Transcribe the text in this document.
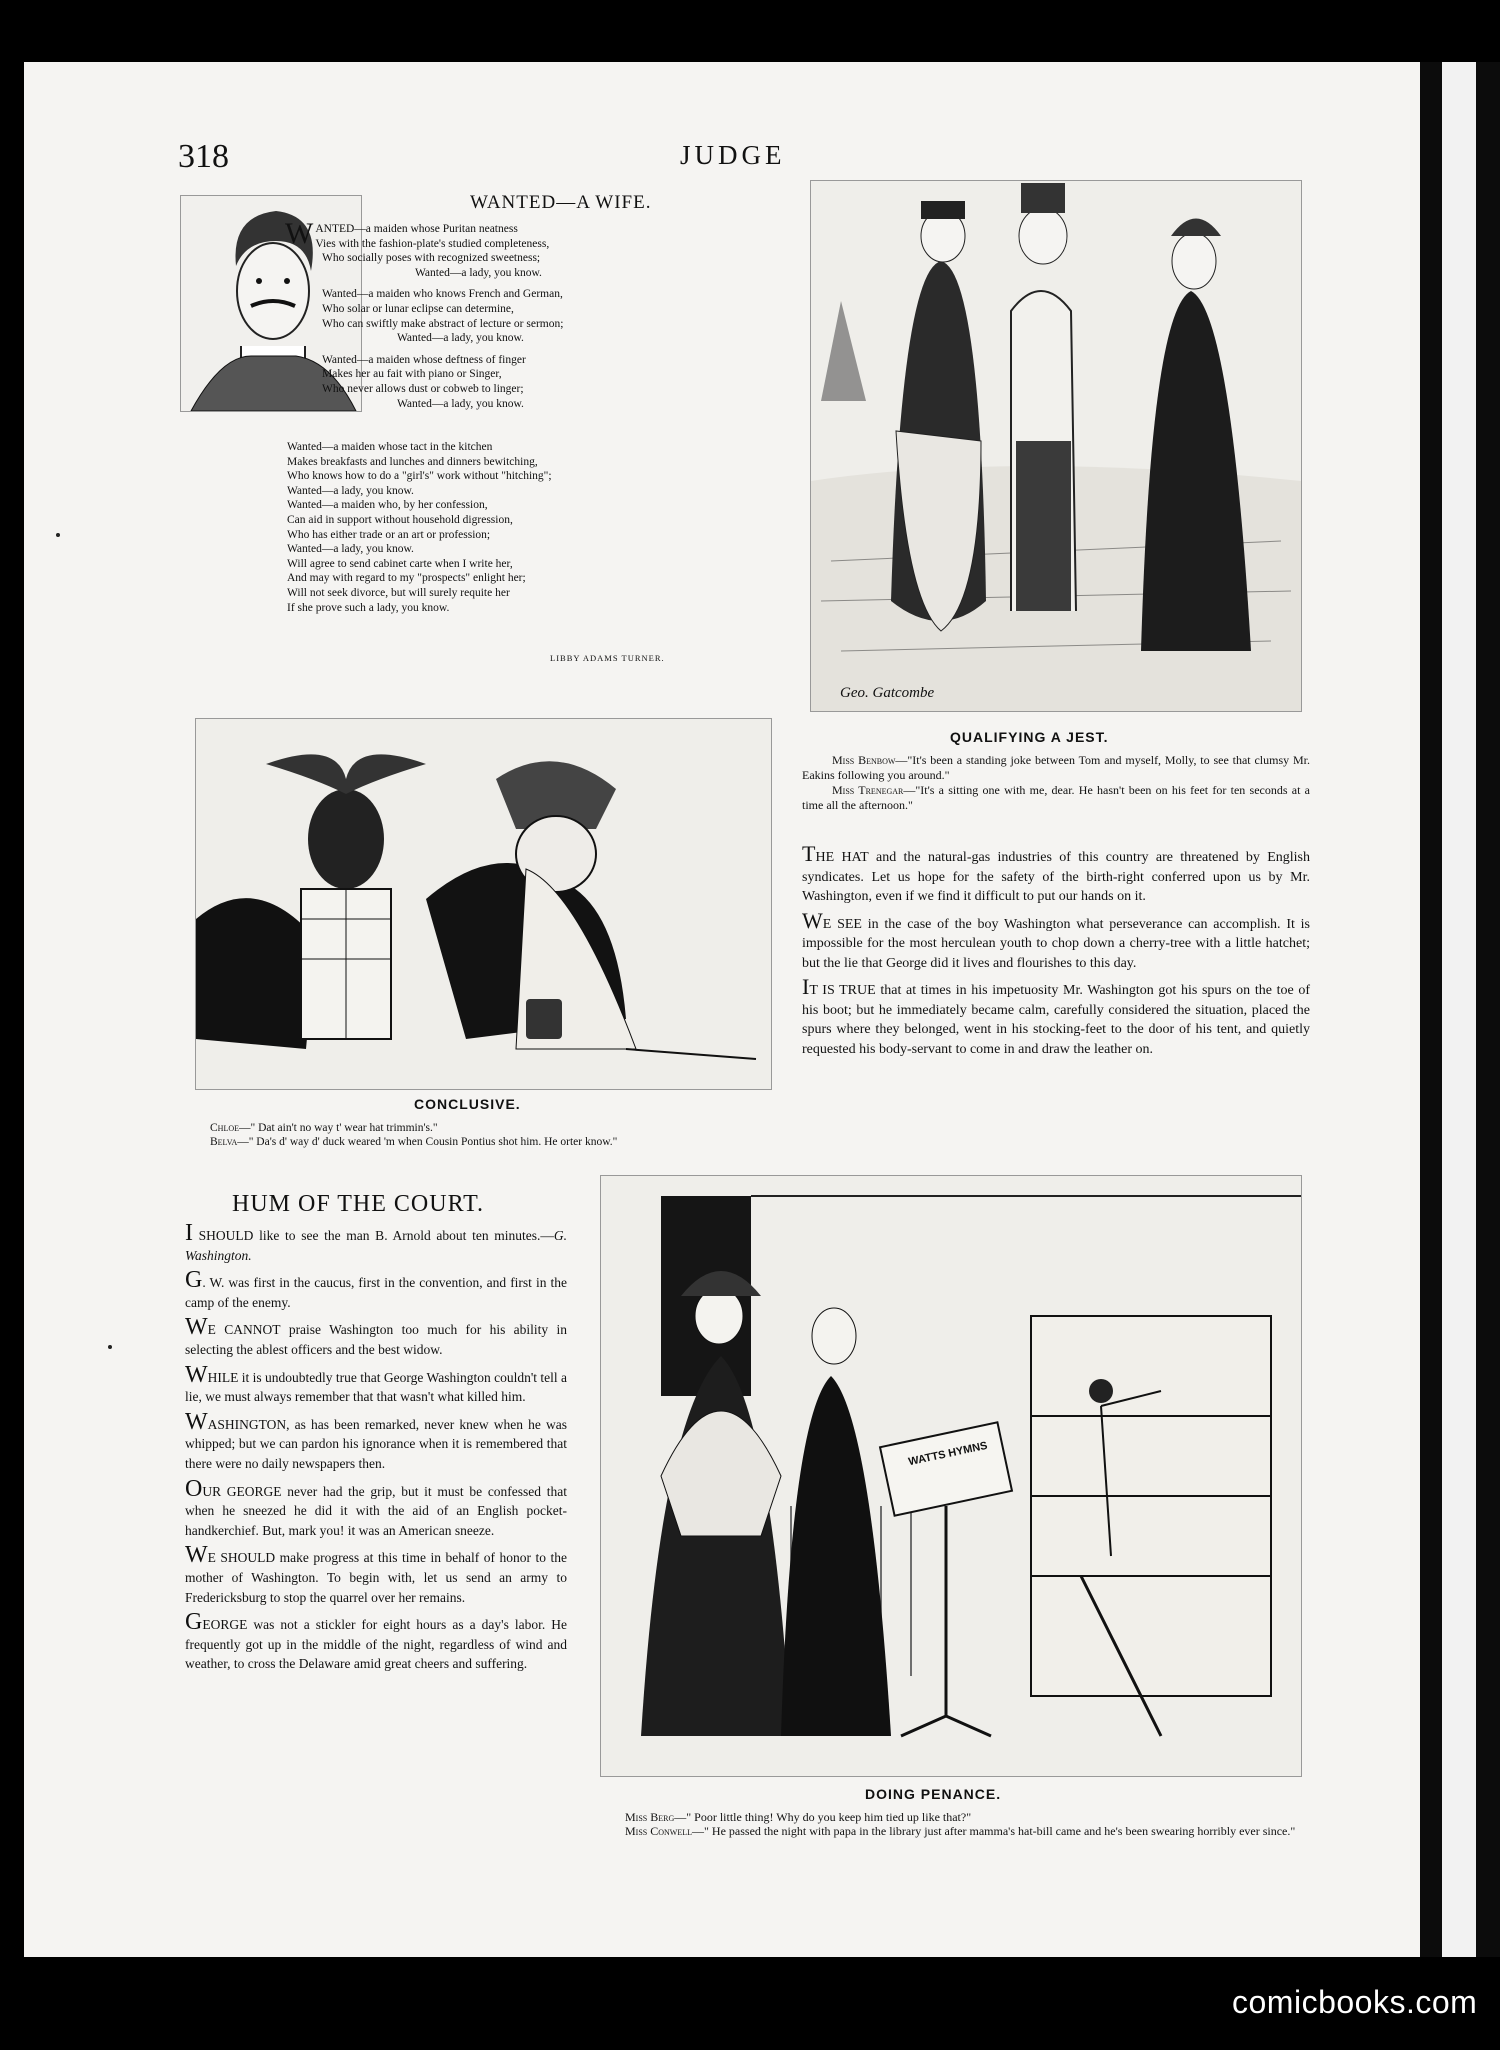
318	JUDGE
WANTED—A WIFE.
W ANTED—a maiden whose Puritan neatness
Vies with the fashion-plate's studied completeness,
Who socially poses with recognized sweetness;
Wanted—a lady, you know.
Wanted—a maiden who knows French and German,
Who solar or lunar eclipse can determine,
Who can swiftly make abstract of lecture or sermon;
Wanted—a lady, you know.
Wanted—a maiden whose deftness of finger
Makes her au fait with piano or Singer,
Who never allows dust or cobweb to linger;
Wanted—a lady, you know.
Wanted—a maiden whose tact in the kitchen
Makes breakfasts and lunches and dinners bewitching,
Who knows how to do a "girl's" work without "hitching";
Wanted—a lady, you know.
Wanted—a maiden who, by her confession,
Can aid in support without household digression,
Who has either trade or an art or profession;
Wanted—a lady, you know.
Will agree to send cabinet carte when I write her,
And may with regard to my "prospects" enlight her;
Will not seek divorce, but will surely requite her
If she prove such a lady, you know.
LIBBY ADAMS TURNER.
Geo. Gatcombe
QUALIFYING A JEST.
Miss Benbow—"It's been a standing joke between Tom and myself, Molly, to see that clumsy Mr. Eakins following you around."
Miss Trenegar—"It's a sitting one with me, dear. He hasn't been on his feet for ten seconds at a time all the afternoon."

THE HAT and the natural-gas industries of this country are threatened by English syndicates. Let us hope for the safety of the birth-right conferred upon us by Mr. Washington, even if we find it difficult to put our hands on it.

WE SEE in the case of the boy Washington what perseverance can accomplish. It is impossible for the most herculean youth to chop down a cherry-tree with a little hatchet; but the lie that George did it lives and flourishes to this day.

IT IS TRUE that at times in his impetuosity Mr. Washington got his spurs on the toe of his boot; but he immediately became calm, carefully considered the situation, placed the spurs where they belonged, went in his stocking-feet to the door of his tent, and quietly requested his body-servant to come in and draw the leather on.

CONCLUSIVE.
Chloe—" Dat ain't no way t' wear hat trimmin's."
Belva—" Da's d' way d' duck weared 'm when Cousin Pontius shot him. He orter know."
HUM OF THE COURT.

I SHOULD like to see the man B. Arnold about ten minutes.—G. Washington.

G. W. was first in the caucus, first in the convention, and first in the camp of the enemy.

WE CANNOT praise Washington too much for his ability in selecting the ablest officers and the best widow.

WHILE it is undoubtedly true that George Washington couldn't tell a lie, we must always remember that that wasn't what killed him.

WASHINGTON, as has been remarked, never knew when he was whipped; but we can pardon his ignorance when it is remembered that there were no daily newspapers then.

OUR GEORGE never had the grip, but it must be confessed that when he sneezed he did it with the aid of an English pocket-handkerchief. But, mark you! it was an American sneeze.

WE SHOULD make progress at this time in behalf of honor to the mother of Washington. To begin with, let us send an army to Fredericksburg to stop the quarrel over her remains.

GEORGE was not a stickler for eight hours as a day's labor. He frequently got up in the middle of the night, regardless of wind and weather, to cross the Delaware amid great cheers and suffering.

WATTS HYMNS
DOING PENANCE.
Miss Berg—" Poor little thing! Why do you keep him tied up like that?"
Miss Conwell—" He passed the night with papa in the library just after mamma's hat-bill came and he's been swearing horribly ever since."
comicbooks.com
